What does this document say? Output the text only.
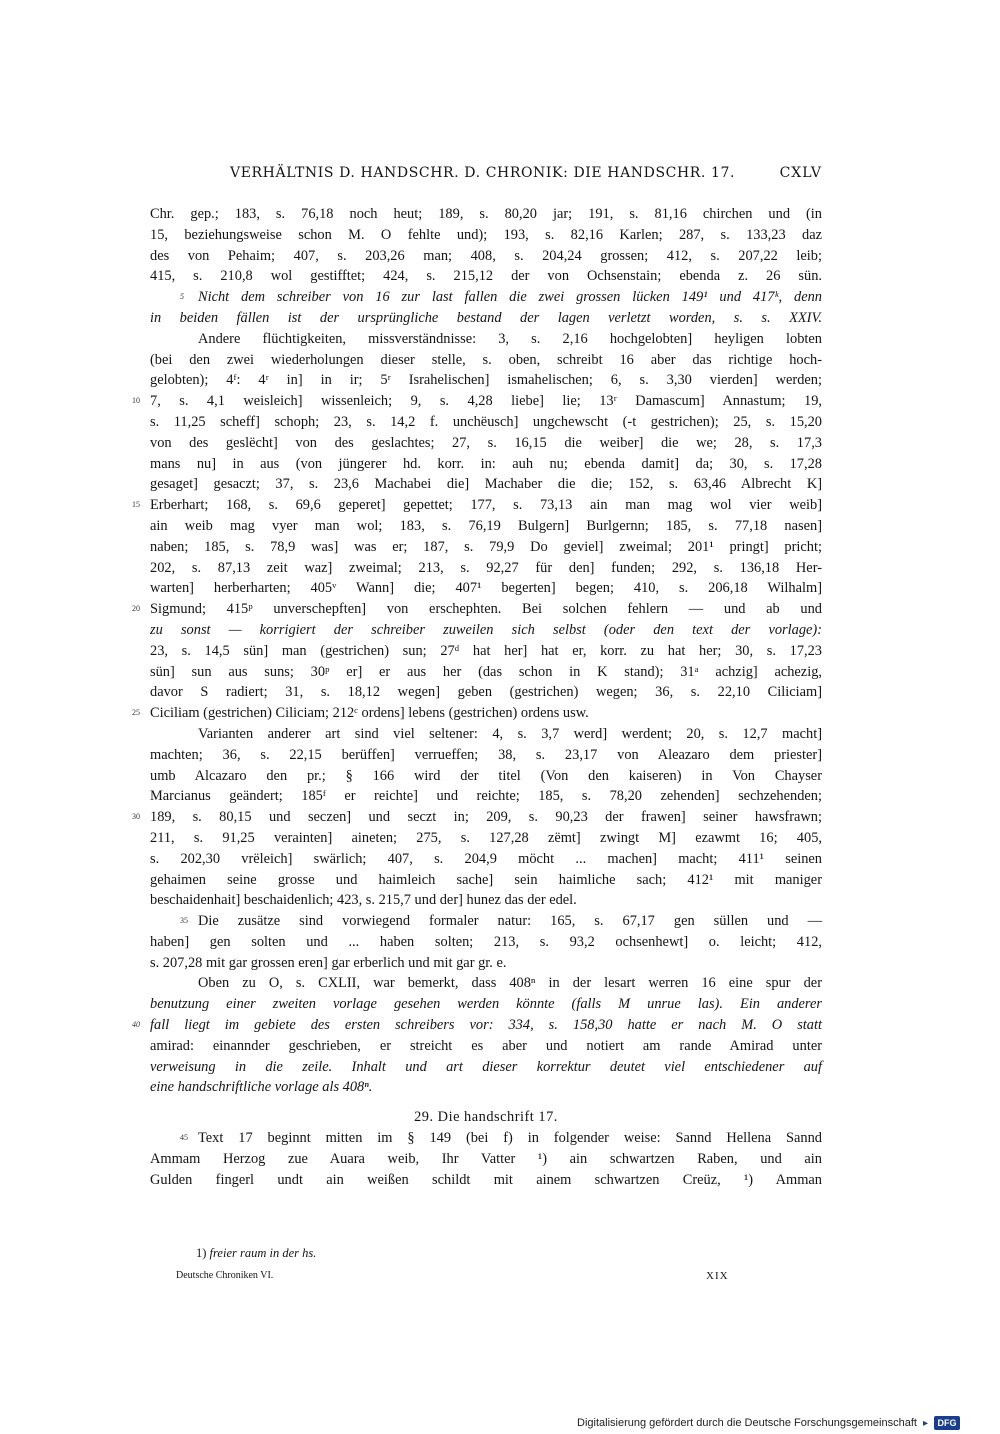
VERHÄLTNIS D. HANDSCHR. D. CHRONIK: DIE HANDSCHR. 17.	CXLV
Chr. gep.; 183, s. 76,18 noch heut; 189, s. 80,20 jar; 191, s. 81,16 chirchen und (in
15, beziehungsweise schon M. O fehlte und); 193, s. 82,16 Karlen; 287, s. 133,23 daz
des von Pehaim; 407, s. 203,26 man; 408, s. 204,24 grossen; 412, s. 207,22 leib;
415, s. 210,8 wol gestifftet; 424, s. 215,12 der von Ochsenstain; ebenda z. 26 sün.
5 Nicht dem schreiber von 16 zur last fallen die zwei grossen lücken 149¹ und 417ᵏ, denn
in beiden fällen ist der ursprüngliche bestand der lagen verletzt worden, s. s. XXIV.
Andere flüchtigkeiten, missverständnisse: 3, s. 2,16 hochgelobten] heyligen lobten
(bei den zwei wiederholungen dieser stelle, s. oben, schreibt 16 aber das richtige hoch-
gelobten); 4ᶠ: 4ʳ in] in ir; 5ʳ Israhelischen] ismahelischen; 6, s. 3,30 vierden] werden;
10 7, s. 4,1 weisleich] wissenleich; 9, s. 4,28 liebe] lie; 13ʳ Damascum] Annastum; 19,
s. 11,25 scheff] schoph; 23, s. 14,2 f. unchëusch] ungchewscht (-t gestrichen); 25, s. 15,20
von des geslëcht] von des geslachtes; 27, s. 16,15 die weiber] die we; 28, s. 17,3
mans nu] in aus (von jüngerer hd. korr. in: auh nu; ebenda damit] da; 30, s. 17,28
gesaget] gesaczt; 37, s. 23,6 Machabei die] Machaber die die; 152, s. 63,46 Albrecht K]
15 Erberhart; 168, s. 69,6 geperet] gepettet; 177, s. 73,13 ain man mag wol vier weib]
ain weib mag vyer man wol; 183, s. 76,19 Bulgern] Burlgernn; 185, s. 77,18 nasen]
naben; 185, s. 78,9 was] was er; 187, s. 79,9 Do geviel] zweimal; 201¹ pringt] pricht;
202, s. 87,13 zeit waz] zweimal; 213, s. 92,27 für den] funden; 292, s. 136,18 Her-
warten] herberharten; 405ᵛ Wann] die; 407¹ begerten] begen; 410, s. 206,18 Wilhalm]
20 Sigmund; 415ᵖ unverschepften] von erschephten. Bei solchen fehlern — und ab und
zu sonst — korrigiert der schreiber zuweilen sich selbst (oder den text der vorlage):
23, s. 14,5 sün] man (gestrichen) sun; 27ᵈ hat her] hat er, korr. zu hat her; 30, s. 17,23
sün] sun aus suns; 30ᵖ er] er aus her (das schon in K stand); 31ᵃ achzig] achezig,
davor S radiert; 31, s. 18,12 wegen] geben (gestrichen) wegen; 36, s. 22,10 Ciliciam]
25 Ciciliam (gestrichen) Ciliciam; 212ᶜ ordens] lebens (gestrichen) ordens usw.
Varianten anderer art sind viel seltener: 4, s. 3,7 werd] werdent; 20, s. 12,7 macht]
machten; 36, s. 22,15 berüffen] verrueffen; 38, s. 23,17 von Aleazaro dem priester]
umb Alcazaro den pr.; § 166 wird der titel (Von den kaiseren) in Von Chayser
Marcianus geändert; 185ᶠ er reichte] und reichte; 185, s. 78,20 zehenden] sechzehenden;
30 189, s. 80,15 und seczen] und seczt in; 209, s. 90,23 der frawen] seiner hawsfrawn;
211, s. 91,25 verainten] aineten; 275, s. 127,28 zëmt] zwingt M] ezawmt 16; 405,
s. 202,30 vrëleich] swärlich; 407, s. 204,9 möcht ... machen] macht; 411¹ seinen
gehaimen seine grosse und haimleich sache] sein haimliche sach; 412¹ mit maniger
beschaidenhait] beschaidenlich; 423, s. 215,7 und der] hunez das der edel.
35 Die zusätze sind vorwiegend formaler natur: 165, s. 67,17 gen süllen und —
haben] gen solten und ... haben solten; 213, s. 93,2 ochsenhewt] o. leicht; 412,
s. 207,28 mit gar grossen eren] gar erberlich und mit gar gr. e.
Oben zu O, s. CXLII, war bemerkt, dass 408ⁿ in der lesart werren 16 eine spur der
benutzung einer zweiten vorlage gesehen werden könnte (falls M unrue las). Ein anderer
40 fall liegt im gebiete des ersten schreibers vor: 334, s. 158,30 hatte er nach M. O statt
amirad: einannder geschrieben, er streicht es aber und notiert am rande Amirad unter
verweisung in die zeile. Inhalt und art dieser korrektur deutet viel entschiedener auf
eine handschriftliche vorlage als 408ⁿ.
29. Die handschrift 17.
45 Text 17 beginnt mitten im § 149 (bei f) in folgender weise: Sannd Hellena Sannd
Ammam Herzog zue Auara weib, Ihr Vatter ¹) ain schwartzen Raben, und ain
Gulden fingerl undt ain weißen schildt mit ainem schwartzen Creüz, ¹) Amman
1) freier raum in der hs.
Deutsche Chroniken VI.	XIX
Digitalisierung gefördert durch die Deutsche Forschungsgemeinschaft ▸	DFG
